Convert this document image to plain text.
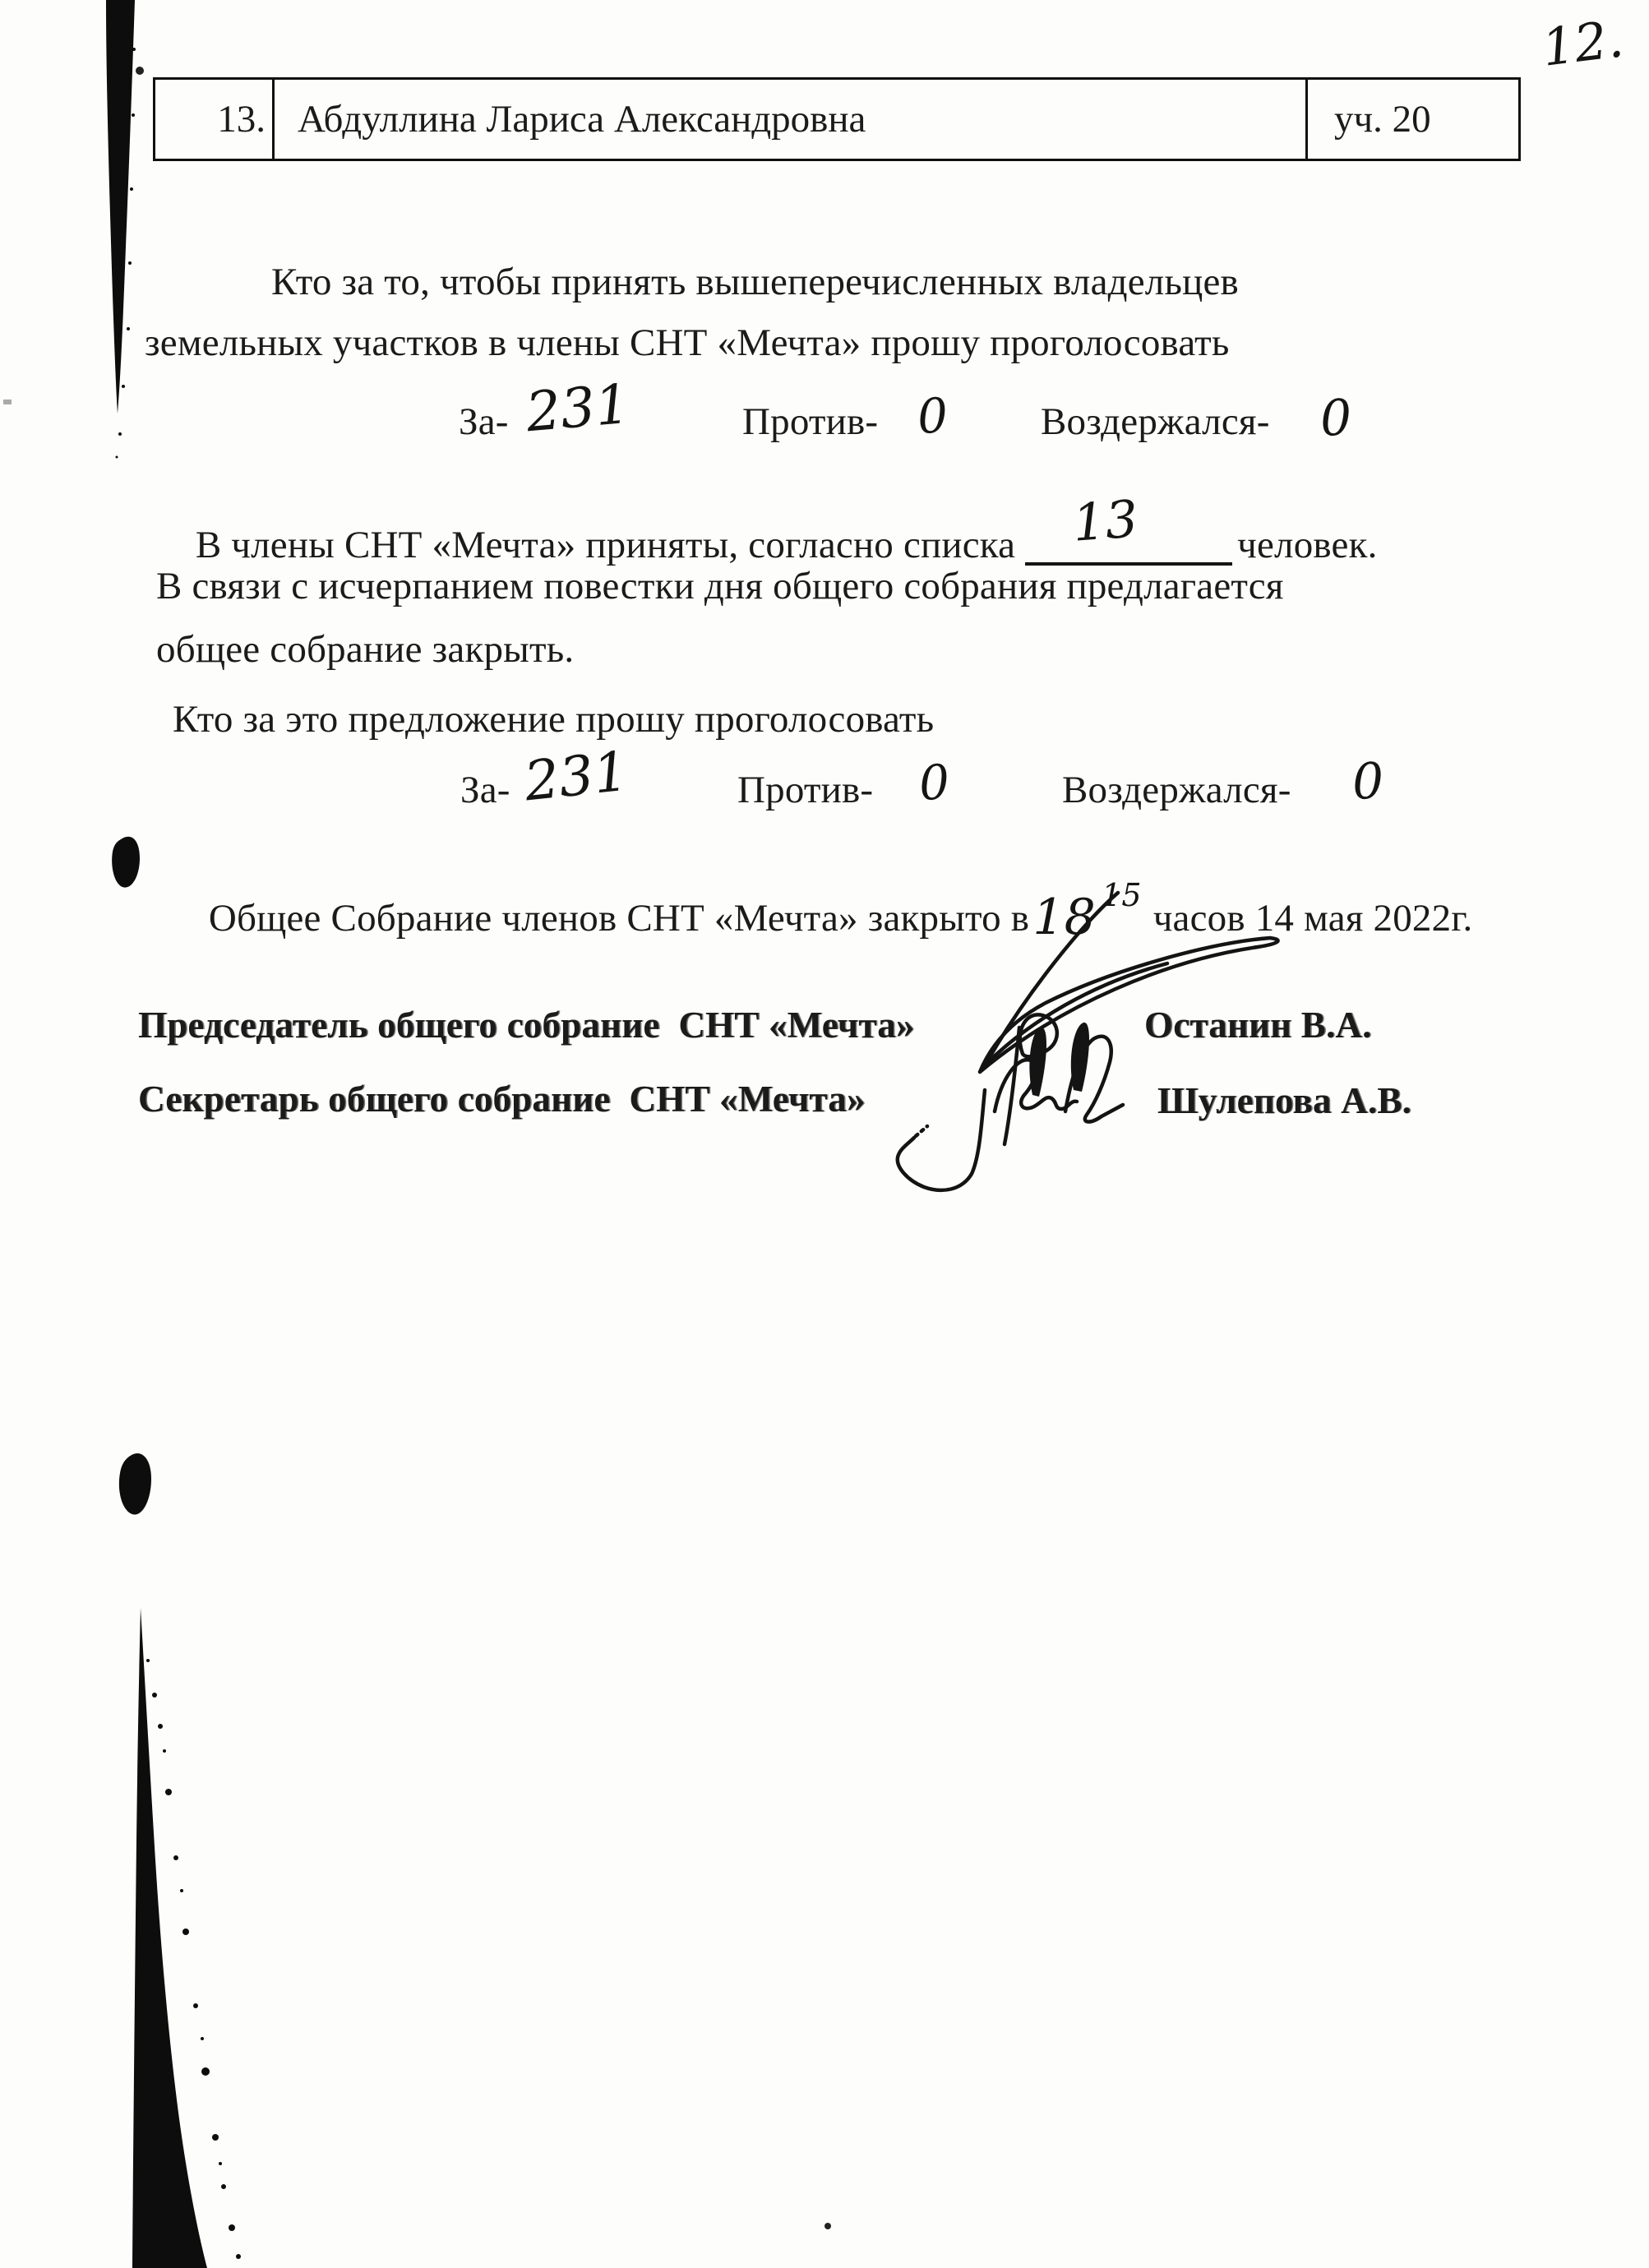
12.
13. Абдуллина Лариса Александровна	уч. 20
Кто за то, чтобы принять вышеперечисленных владельцев
земельных участков в члены СНТ «Мечта» прошу проголосовать
За- 231	Против- 0 Воздержался- 0

В члены СНТ «Мечта» приняты, согласно списка 13	человек.

В связи с исчерпанием повестки дня общего собрания предлагается
общее собрание закрыть.
Кто за это предложение прошу проголосовать
За- 231	Против- 0	Воздержался- 0

Общее Собрание членов СНТ «Мечта» закрыто в18 $^{15}$часов 14 мая 2022г.

Председатель общего собрание  СНТ «Мечта»	Останин В.А.
Секретарь общего собрание  СНТ «Мечта»	Шулепова А.В.
